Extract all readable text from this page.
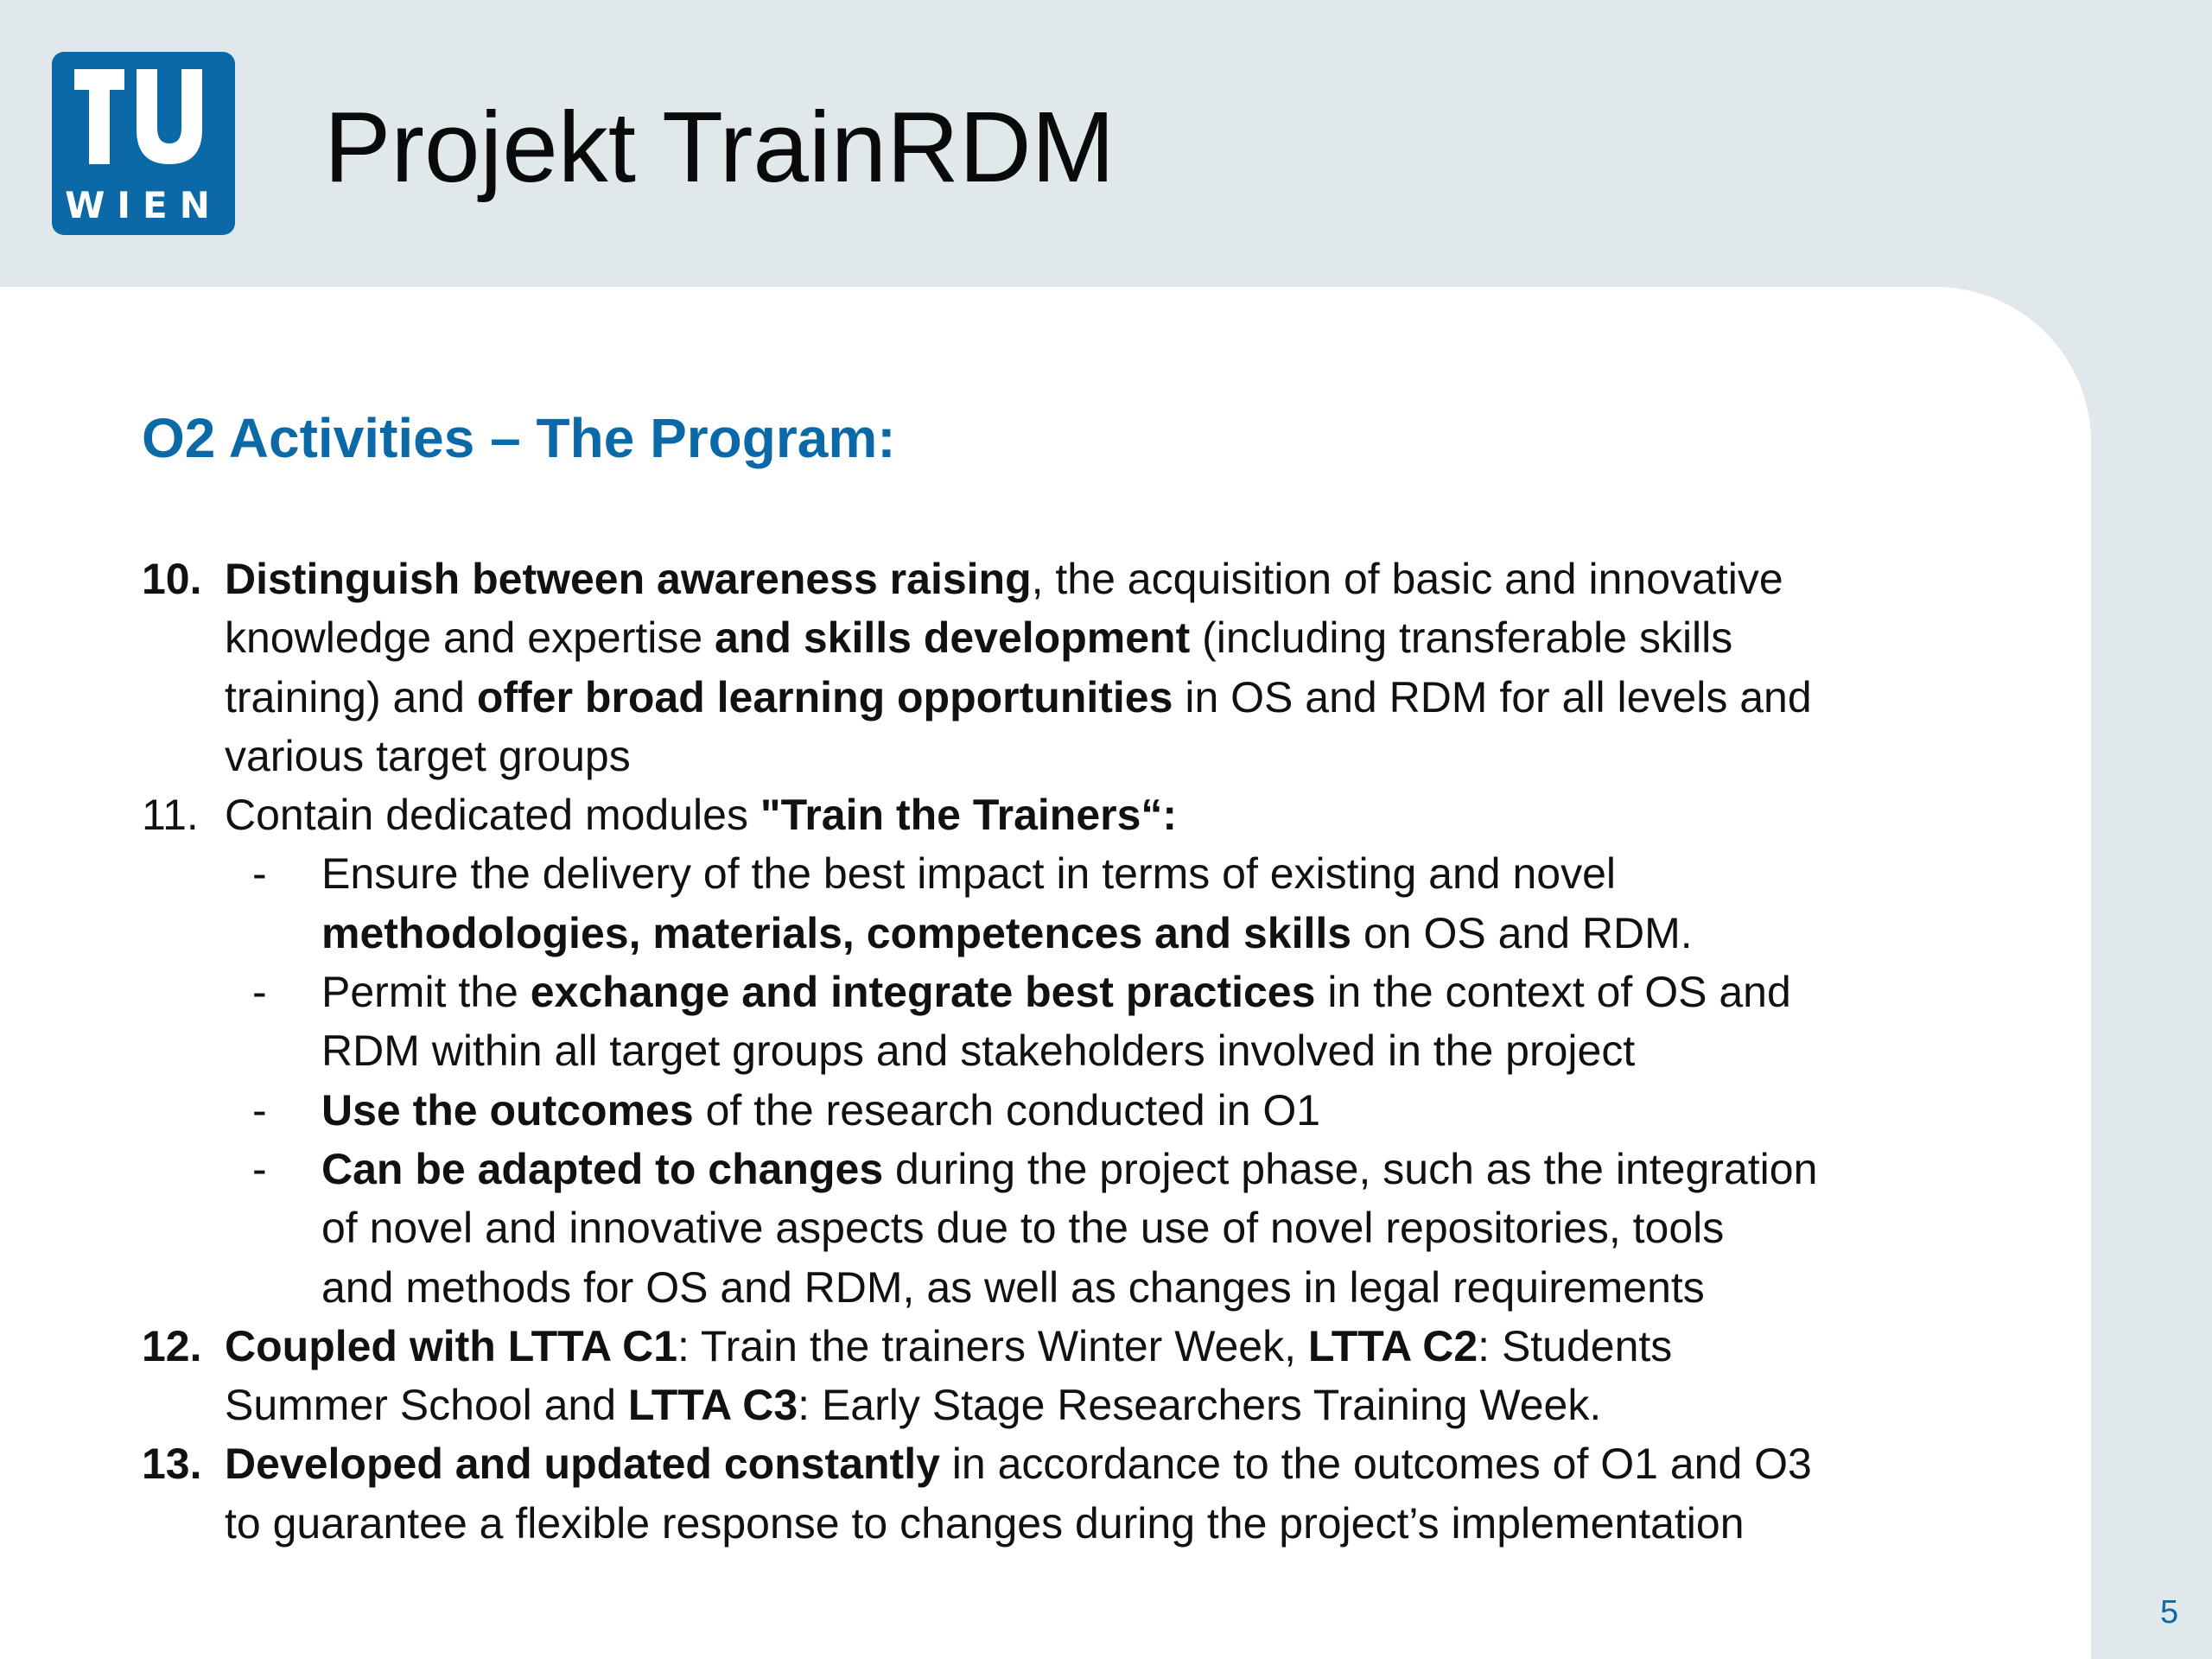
WIEN
Projekt TrainRDM
O2 Activities – The Program:
10. Distinguish between awareness raising, the acquisition of basic and innovative
knowledge and expertise and skills development (including transferable skills
training) and offer broad learning opportunities in OS and RDM for all levels and
various target groups
11. Contain dedicated modules "Train the Trainers“:
- Ensure the delivery of the best impact in terms of existing and novel
methodologies, materials, competences and skills on OS and RDM.
- Permit the exchange and integrate best practices in the context of OS and
RDM within all target groups and stakeholders involved in the project
- Use the outcomes of the research conducted in O1
- Can be adapted to changes during the project phase, such as the integration
of novel and innovative aspects due to the use of novel repositories, tools
and methods for OS and RDM, as well as changes in legal requirements
12. Coupled with LTTA C1: Train the trainers Winter Week, LTTA C2: Students
Summer School and LTTA C3: Early Stage Researchers Training Week.
13. Developed and updated constantly in accordance to the outcomes of O1 and O3
to guarantee a flexible response to changes during the project’s implementation
5
